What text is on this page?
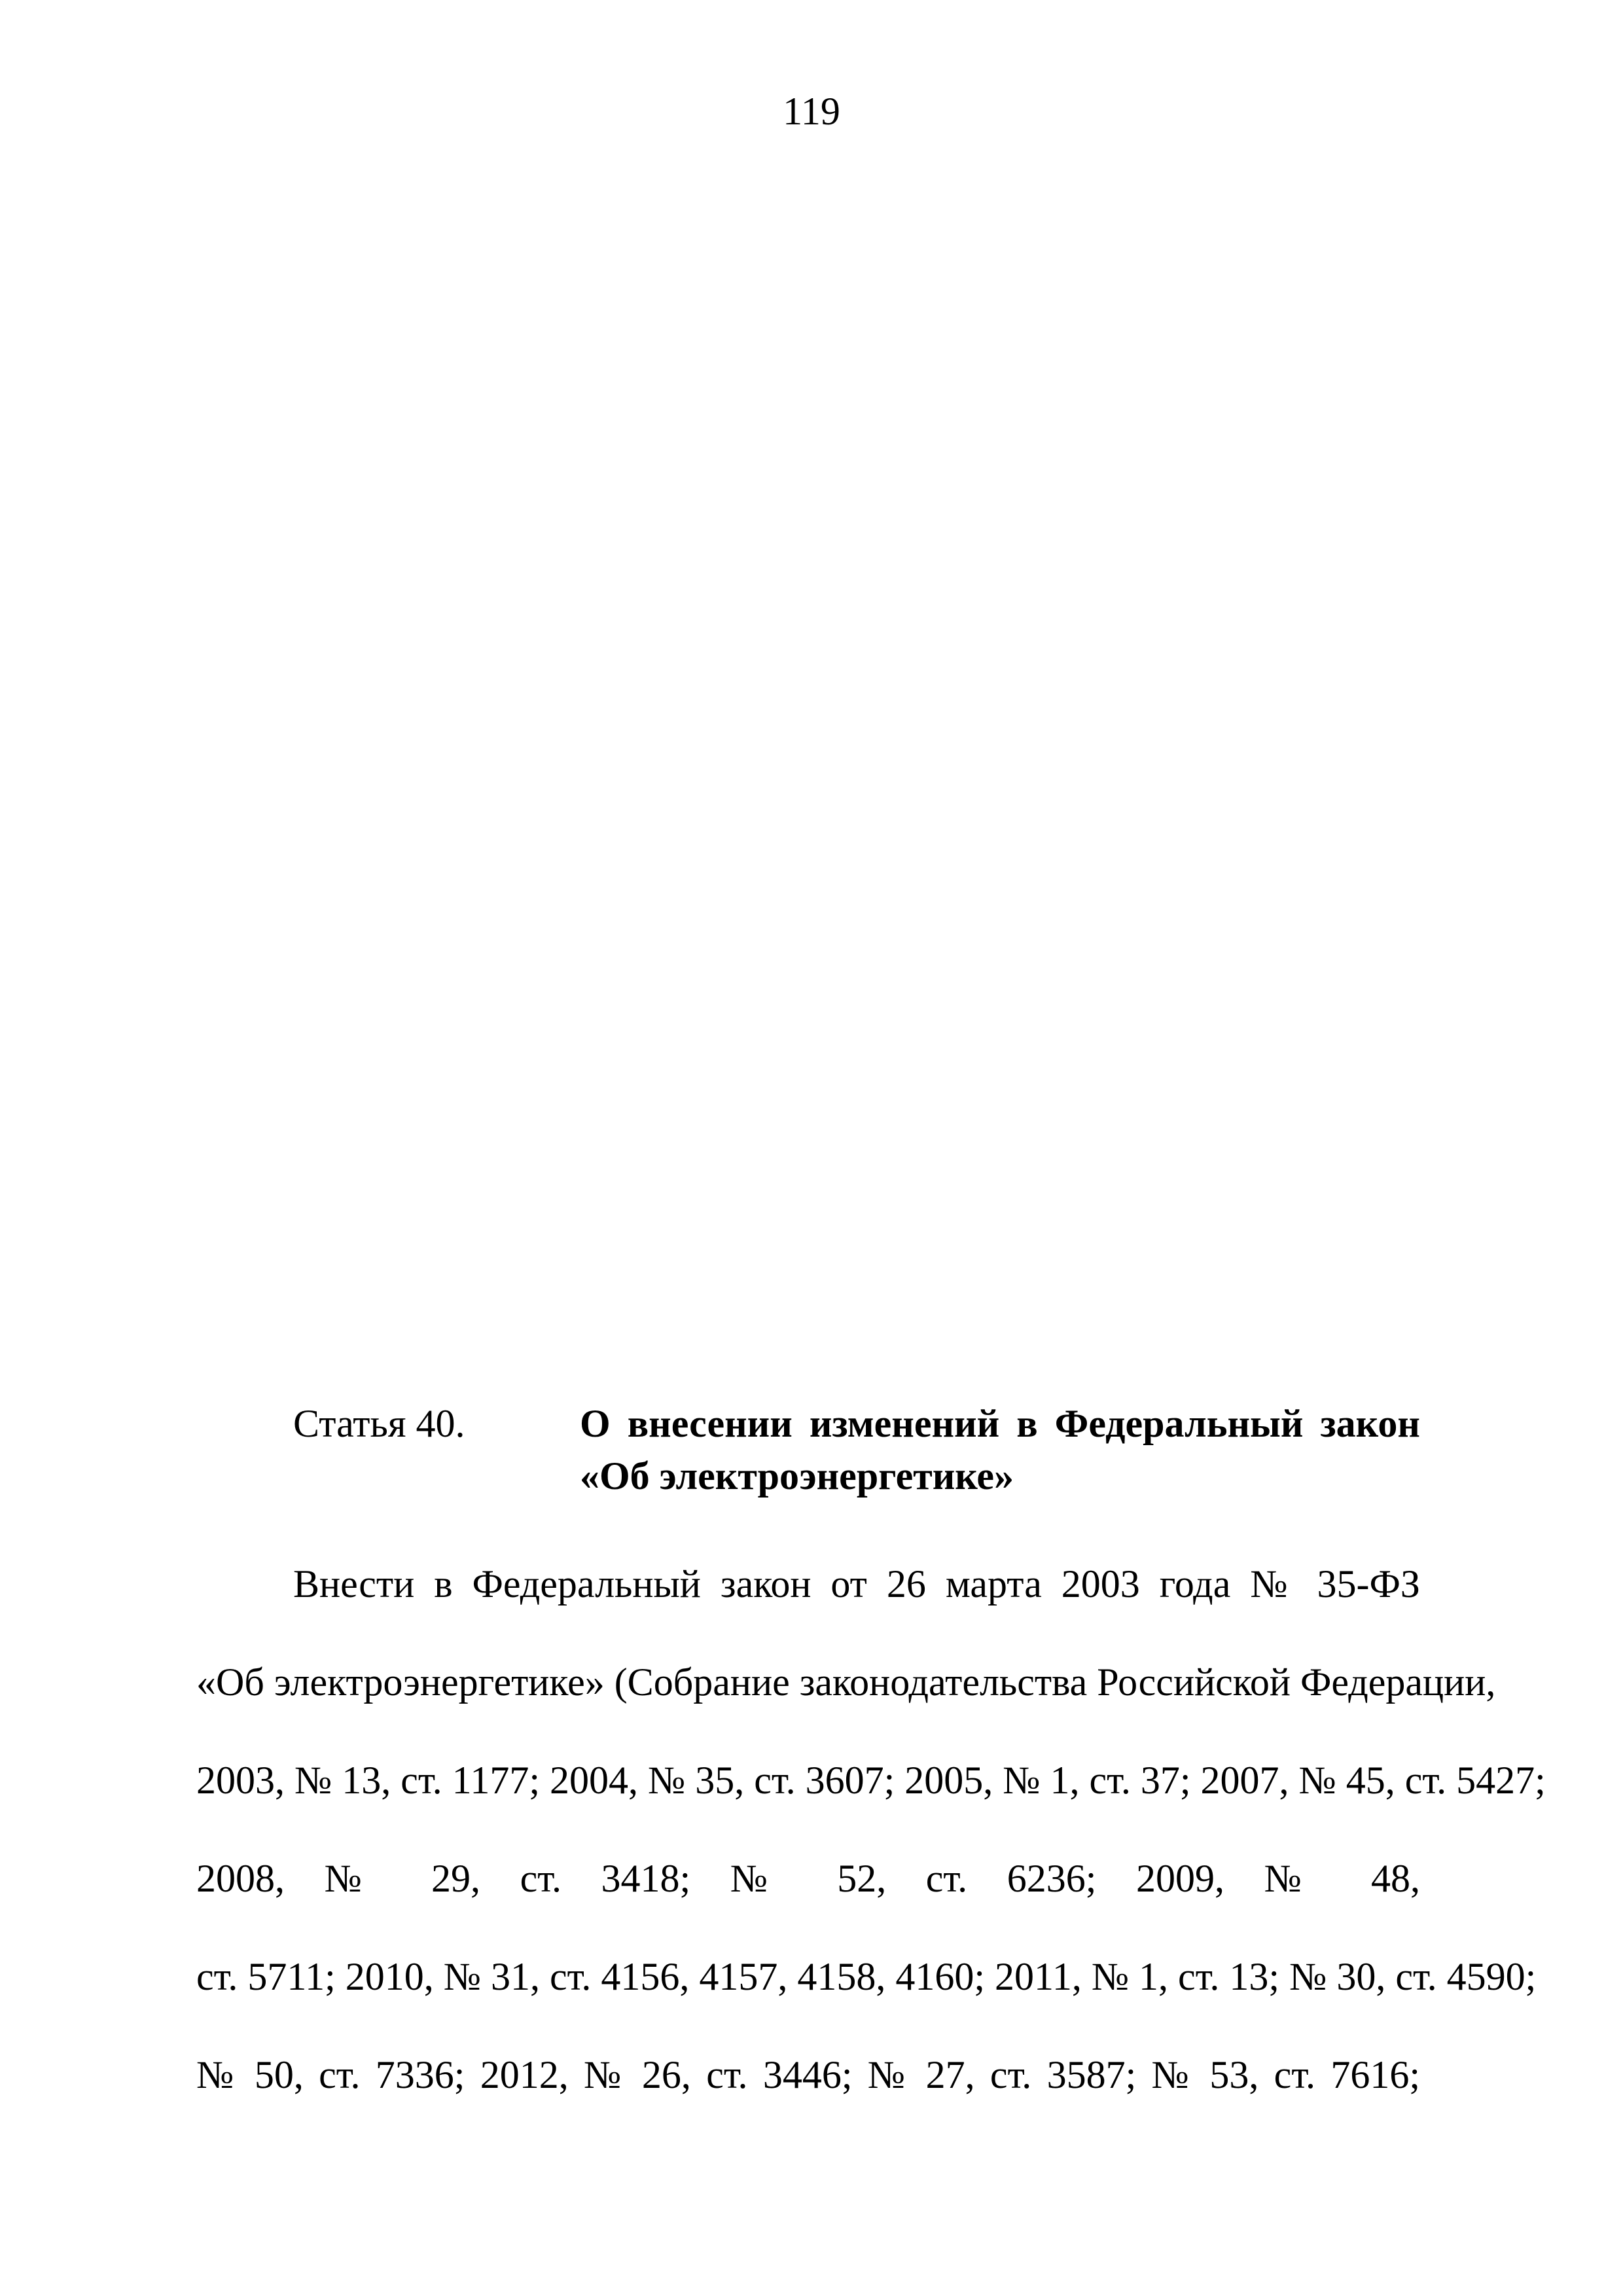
119
Статья 40.	О внесении изменений в Федеральный закон
«Об электроэнергетике»
Внести в Федеральный закон от 26 марта 2003 года № 35-ФЗ
«Об электроэнергетике» (Собрание законодательства Российской Федерации,
2003, № 13, ст. 1177; 2004, № 35, ст. 3607; 2005, № 1, ст. 37; 2007, № 45, ст. 5427;
2008, № 29, ст. 3418; № 52, ст. 6236; 2009, № 48,
ст. 5711; 2010, № 31, ст. 4156, 4157, 4158, 4160; 2011, № 1, ст. 13; № 30, ст. 4590;
№ 50, ст. 7336; 2012, № 26, ст. 3446; № 27, ст. 3587; № 53, ст. 7616;
